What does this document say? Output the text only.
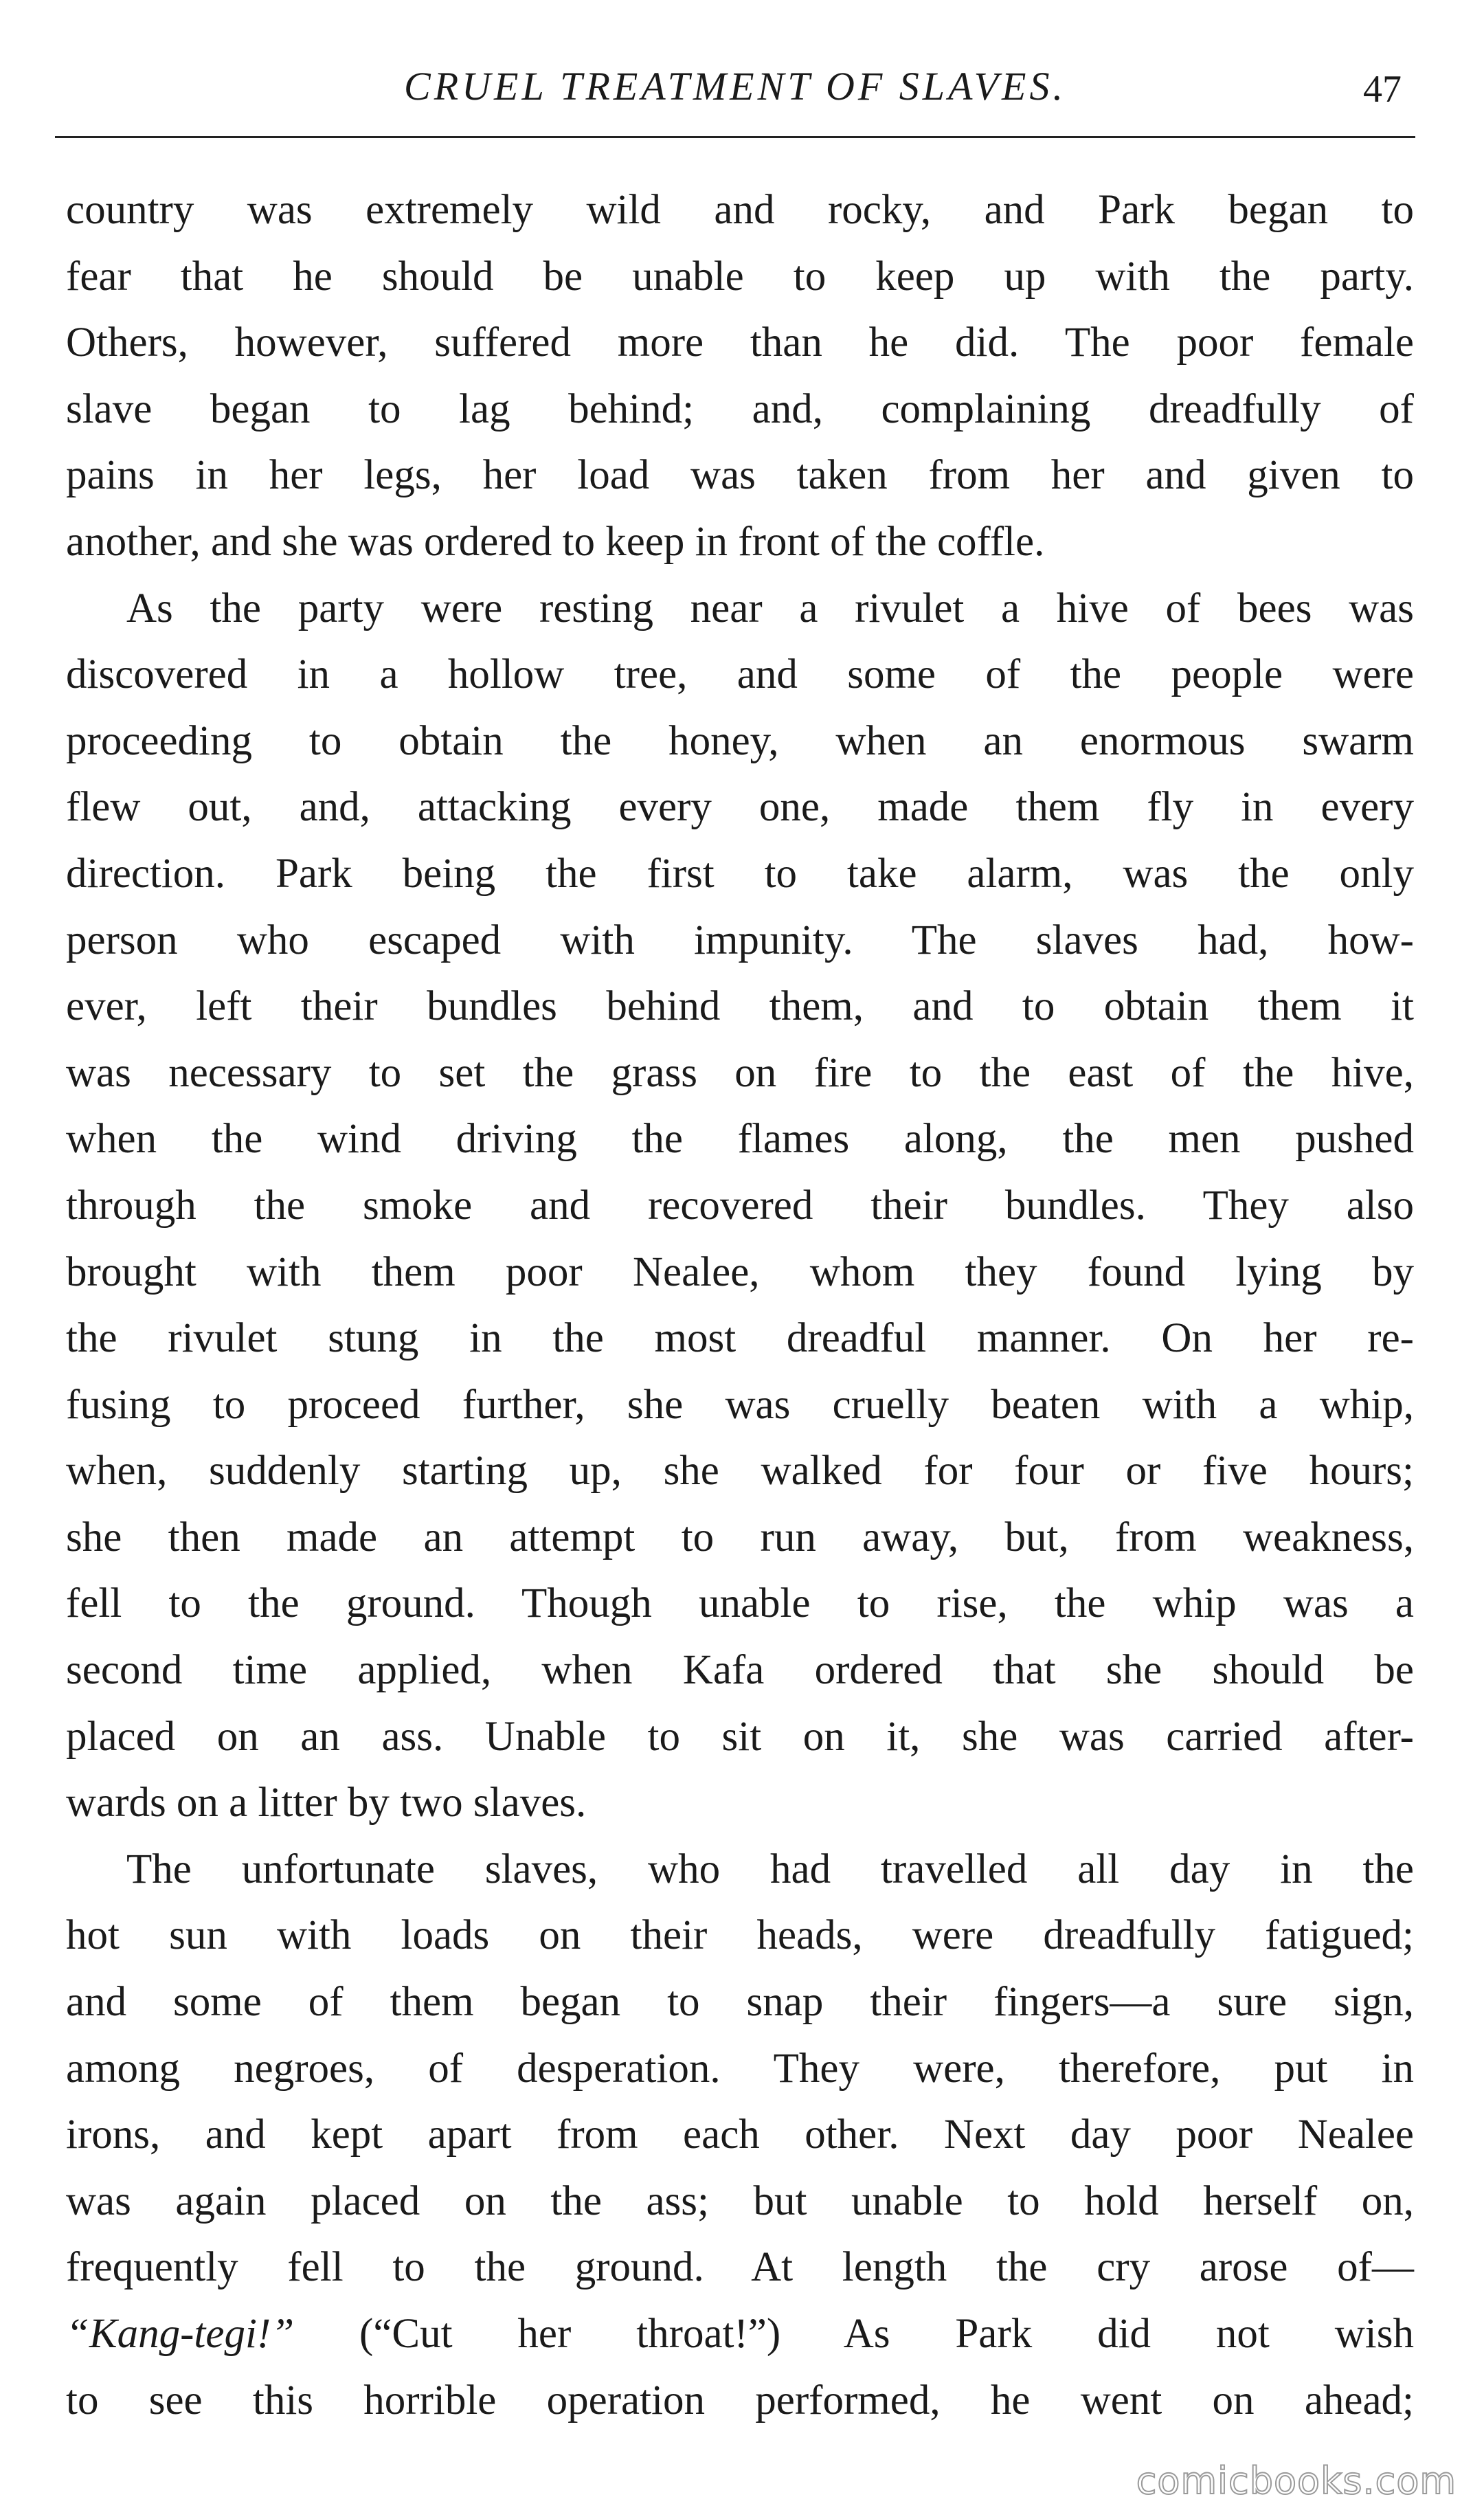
CRUEL TREATMENT OF SLAVES.	47

country was extremely wild and rocky, and Park began to
fear that he should be unable to keep up with the party.
Others, however, suffered more than he did. The poor female
slave began to lag behind; and, complaining dreadfully of
pains in her legs, her load was taken from her and given to
another, and she was ordered to keep in front of the coffle.

As the party were resting near a rivulet a hive of bees was
discovered in a hollow tree, and some of the people were
proceeding to obtain the honey, when an enormous swarm
flew out, and, attacking every one, made them fly in every
direction. Park being the first to take alarm, was the only
person who escaped with impunity. The slaves had, how-
ever, left their bundles behind them, and to obtain them it
was necessary to set the grass on fire to the east of the hive,
when the wind driving the flames along, the men pushed
through the smoke and recovered their bundles. They also
brought with them poor Nealee, whom they found lying by
the rivulet stung in the most dreadful manner. On her re-
fusing to proceed further, she was cruelly beaten with a whip,
when, suddenly starting up, she walked for four or five hours;
she then made an attempt to run away, but, from weakness,
fell to the ground. Though unable to rise, the whip was a
second time applied, when Kafa ordered that she should be
placed on an ass. Unable to sit on it, she was carried after-
wards on a litter by two slaves.

The unfortunate slaves, who had travelled all day in the
hot sun with loads on their heads, were dreadfully fatigued;
and some of them began to snap their fingers—a sure sign,
among negroes, of desperation. They were, therefore, put in
irons, and kept apart from each other. Next day poor Nealee
was again placed on the ass; but unable to hold herself on,
frequently fell to the ground. At length the cry arose of—
“Kang-tegi!” (“Cut her throat!”) As Park did not wish
to see this horrible operation performed, he went on ahead;

comicbooks.com
